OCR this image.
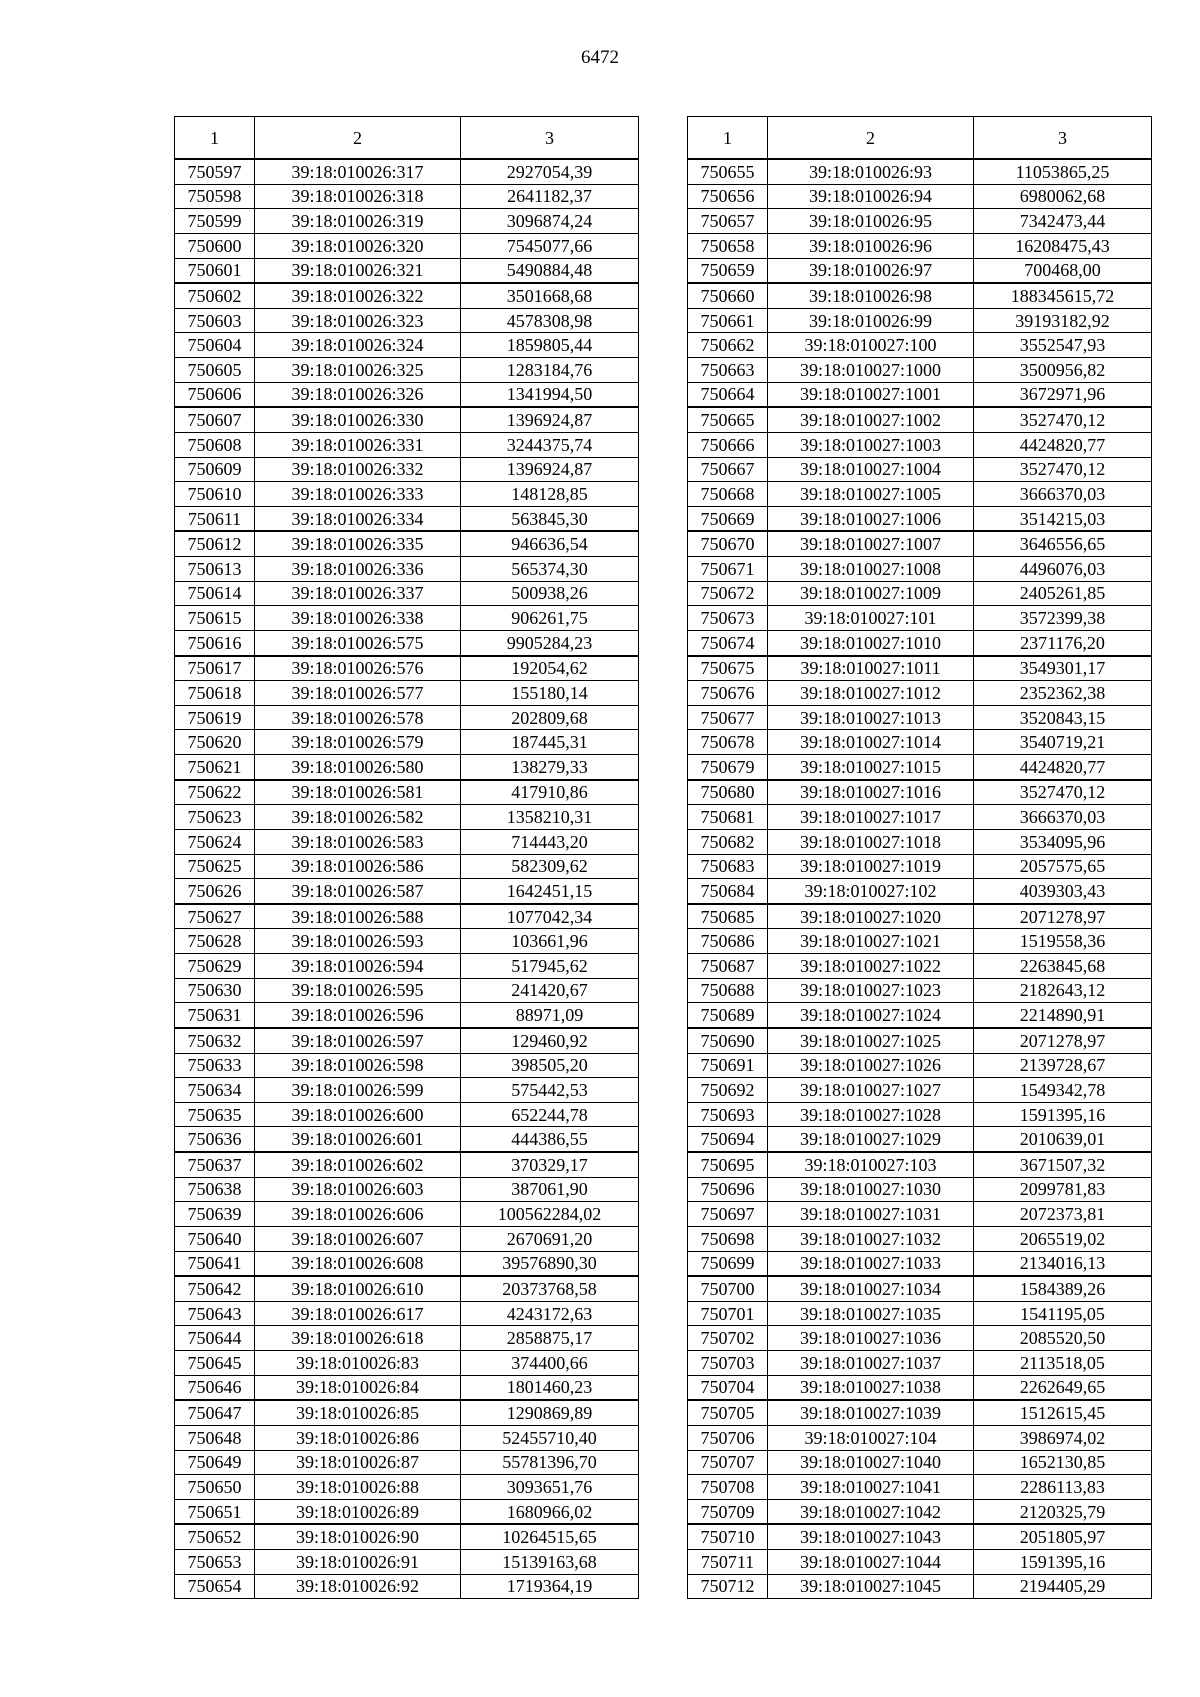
6472
1	2	3
750597	39:18:010026:317	2927054,39
750598	39:18:010026:318	2641182,37
750599	39:18:010026:319	3096874,24
750600	39:18:010026:320	7545077,66
750601	39:18:010026:321	5490884,48
750602	39:18:010026:322	3501668,68
750603	39:18:010026:323	4578308,98
750604	39:18:010026:324	1859805,44
750605	39:18:010026:325	1283184,76
750606	39:18:010026:326	1341994,50
750607	39:18:010026:330	1396924,87
750608	39:18:010026:331	3244375,74
750609	39:18:010026:332	1396924,87
750610	39:18:010026:333	148128,85
750611	39:18:010026:334	563845,30
750612	39:18:010026:335	946636,54
750613	39:18:010026:336	565374,30
750614	39:18:010026:337	500938,26
750615	39:18:010026:338	906261,75
750616	39:18:010026:575	9905284,23
750617	39:18:010026:576	192054,62
750618	39:18:010026:577	155180,14
750619	39:18:010026:578	202809,68
750620	39:18:010026:579	187445,31
750621	39:18:010026:580	138279,33
750622	39:18:010026:581	417910,86
750623	39:18:010026:582	1358210,31
750624	39:18:010026:583	714443,20
750625	39:18:010026:586	582309,62
750626	39:18:010026:587	1642451,15
750627	39:18:010026:588	1077042,34
750628	39:18:010026:593	103661,96
750629	39:18:010026:594	517945,62
750630	39:18:010026:595	241420,67
750631	39:18:010026:596	88971,09
750632	39:18:010026:597	129460,92
750633	39:18:010026:598	398505,20
750634	39:18:010026:599	575442,53
750635	39:18:010026:600	652244,78
750636	39:18:010026:601	444386,55
750637	39:18:010026:602	370329,17
750638	39:18:010026:603	387061,90
750639	39:18:010026:606	100562284,02
750640	39:18:010026:607	2670691,20
750641	39:18:010026:608	39576890,30
750642	39:18:010026:610	20373768,58
750643	39:18:010026:617	4243172,63
750644	39:18:010026:618	2858875,17
750645	39:18:010026:83	374400,66
750646	39:18:010026:84	1801460,23
750647	39:18:010026:85	1290869,89
750648	39:18:010026:86	52455710,40
750649	39:18:010026:87	55781396,70
750650	39:18:010026:88	3093651,76
750651	39:18:010026:89	1680966,02
750652	39:18:010026:90	10264515,65
750653	39:18:010026:91	15139163,68
750654	39:18:010026:92	1719364,19
1	2	3
750655	39:18:010026:93	11053865,25
750656	39:18:010026:94	6980062,68
750657	39:18:010026:95	7342473,44
750658	39:18:010026:96	16208475,43
750659	39:18:010026:97	700468,00
750660	39:18:010026:98	188345615,72
750661	39:18:010026:99	39193182,92
750662	39:18:010027:100	3552547,93
750663	39:18:010027:1000	3500956,82
750664	39:18:010027:1001	3672971,96
750665	39:18:010027:1002	3527470,12
750666	39:18:010027:1003	4424820,77
750667	39:18:010027:1004	3527470,12
750668	39:18:010027:1005	3666370,03
750669	39:18:010027:1006	3514215,03
750670	39:18:010027:1007	3646556,65
750671	39:18:010027:1008	4496076,03
750672	39:18:010027:1009	2405261,85
750673	39:18:010027:101	3572399,38
750674	39:18:010027:1010	2371176,20
750675	39:18:010027:1011	3549301,17
750676	39:18:010027:1012	2352362,38
750677	39:18:010027:1013	3520843,15
750678	39:18:010027:1014	3540719,21
750679	39:18:010027:1015	4424820,77
750680	39:18:010027:1016	3527470,12
750681	39:18:010027:1017	3666370,03
750682	39:18:010027:1018	3534095,96
750683	39:18:010027:1019	2057575,65
750684	39:18:010027:102	4039303,43
750685	39:18:010027:1020	2071278,97
750686	39:18:010027:1021	1519558,36
750687	39:18:010027:1022	2263845,68
750688	39:18:010027:1023	2182643,12
750689	39:18:010027:1024	2214890,91
750690	39:18:010027:1025	2071278,97
750691	39:18:010027:1026	2139728,67
750692	39:18:010027:1027	1549342,78
750693	39:18:010027:1028	1591395,16
750694	39:18:010027:1029	2010639,01
750695	39:18:010027:103	3671507,32
750696	39:18:010027:1030	2099781,83
750697	39:18:010027:1031	2072373,81
750698	39:18:010027:1032	2065519,02
750699	39:18:010027:1033	2134016,13
750700	39:18:010027:1034	1584389,26
750701	39:18:010027:1035	1541195,05
750702	39:18:010027:1036	2085520,50
750703	39:18:010027:1037	2113518,05
750704	39:18:010027:1038	2262649,65
750705	39:18:010027:1039	1512615,45
750706	39:18:010027:104	3986974,02
750707	39:18:010027:1040	1652130,85
750708	39:18:010027:1041	2286113,83
750709	39:18:010027:1042	2120325,79
750710	39:18:010027:1043	2051805,97
750711	39:18:010027:1044	1591395,16
750712	39:18:010027:1045	2194405,29
